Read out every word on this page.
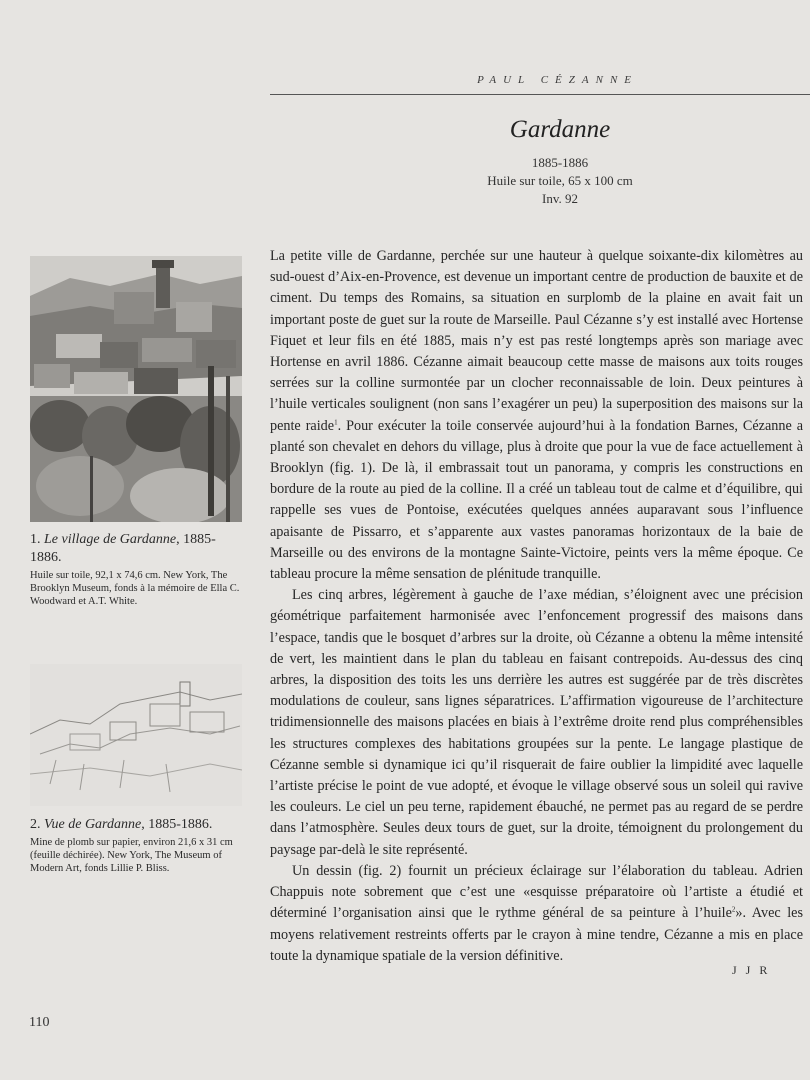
PAUL CÉZANNE
Gardanne
1885-1886
Huile sur toile, 65 x 100 cm
Inv. 92
1. Le village de Gardanne, 1885-1886.
Huile sur toile, 92,1 x 74,6 cm. New York, The Brooklyn Museum, fonds à la mémoire de Ella C. Woodward et A.T. White.
2. Vue de Gardanne, 1885-1886.
Mine de plomb sur papier, environ 21,6 x 31 cm (feuille déchirée). New York, The Museum of Modern Art, fonds Lillie P. Bliss.

La petite ville de Gardanne, perchée sur une hauteur à quelque soixante-dix kilomètres au sud-ouest d’Aix-en-Provence, est devenue un important centre de production de bauxite et de ciment. Du temps des Romains, sa situation en surplomb de la plaine en avait fait un important poste de guet sur la route de Marseille. Paul Cézanne s’y est installé avec Hortense Fiquet et leur fils en été 1885, mais n’y est pas resté longtemps après son mariage avec Hortense en avril 1886. Cézanne aimait beaucoup cette masse de maisons aux toits rouges serrées sur la colline surmontée par un clocher reconnaissable de loin. Deux peintures à l’huile verticales soulignent (non sans l’exagérer un peu) la superposition des maisons sur la pente raide$^1$. Pour exécuter la toile conservée aujourd’hui à la fondation Barnes, Cézanne a planté son chevalet en dehors du village, plus à droite que pour la vue de face actuellement à Brooklyn (fig. 1). De là, il embrassait tout un panorama, y compris les constructions en bordure de la route au pied de la colline. Il a créé un tableau tout de calme et d’équilibre, qui rappelle ses vues de Pontoise, exécutées quelques années auparavant sous l’influence apaisante de Pissarro, et s’apparente aux vastes panoramas horizontaux de la baie de Marseille ou des environs de la montagne Sainte-Victoire, peints vers la même époque. Ce tableau procure la même sensation de plénitude tranquille.

Les cinq arbres, légèrement à gauche de l’axe médian, s’éloignent avec une précision géométrique parfaitement harmonisée avec l’enfoncement progressif des maisons dans l’espace, tandis que le bosquet d’arbres sur la droite, où Cézanne a obtenu la même intensité de vert, les maintient dans le plan du tableau en faisant contrepoids. Au-dessus des cinq arbres, la disposition des toits les uns derrière les autres est suggérée par de très discrètes modulations de couleur, sans lignes séparatrices. L’affirmation vigoureuse de l’architecture tridimensionnelle des maisons placées en biais à l’extrême droite rend plus compréhensibles les structures complexes des habitations groupées sur la pente. Le langage plastique de Cézanne semble si dynamique ici qu’il risquerait de faire oublier la limpidité avec laquelle l’artiste précise le point de vue adopté, et évoque le village observé sous un soleil qui ravive les couleurs. Le ciel un peu terne, rapidement ébauché, ne permet pas au regard de se perdre dans l’atmosphère. Seules deux tours de guet, sur la droite, témoignent du prolongement du paysage par-delà le site représenté.

Un dessin (fig. 2) fournit un précieux éclairage sur l’élaboration du tableau. Adrien Chappuis note sobrement que c’est une «esquisse préparatoire où l’artiste a étudié et déterminé l’organisation ainsi que le rythme général de sa peinture à l’huile$^2$». Avec les moyens relativement restreints offerts par le crayon à mine tendre, Cézanne a mis en place toute la dynamique spatiale de la version définitive.

J J R
110
